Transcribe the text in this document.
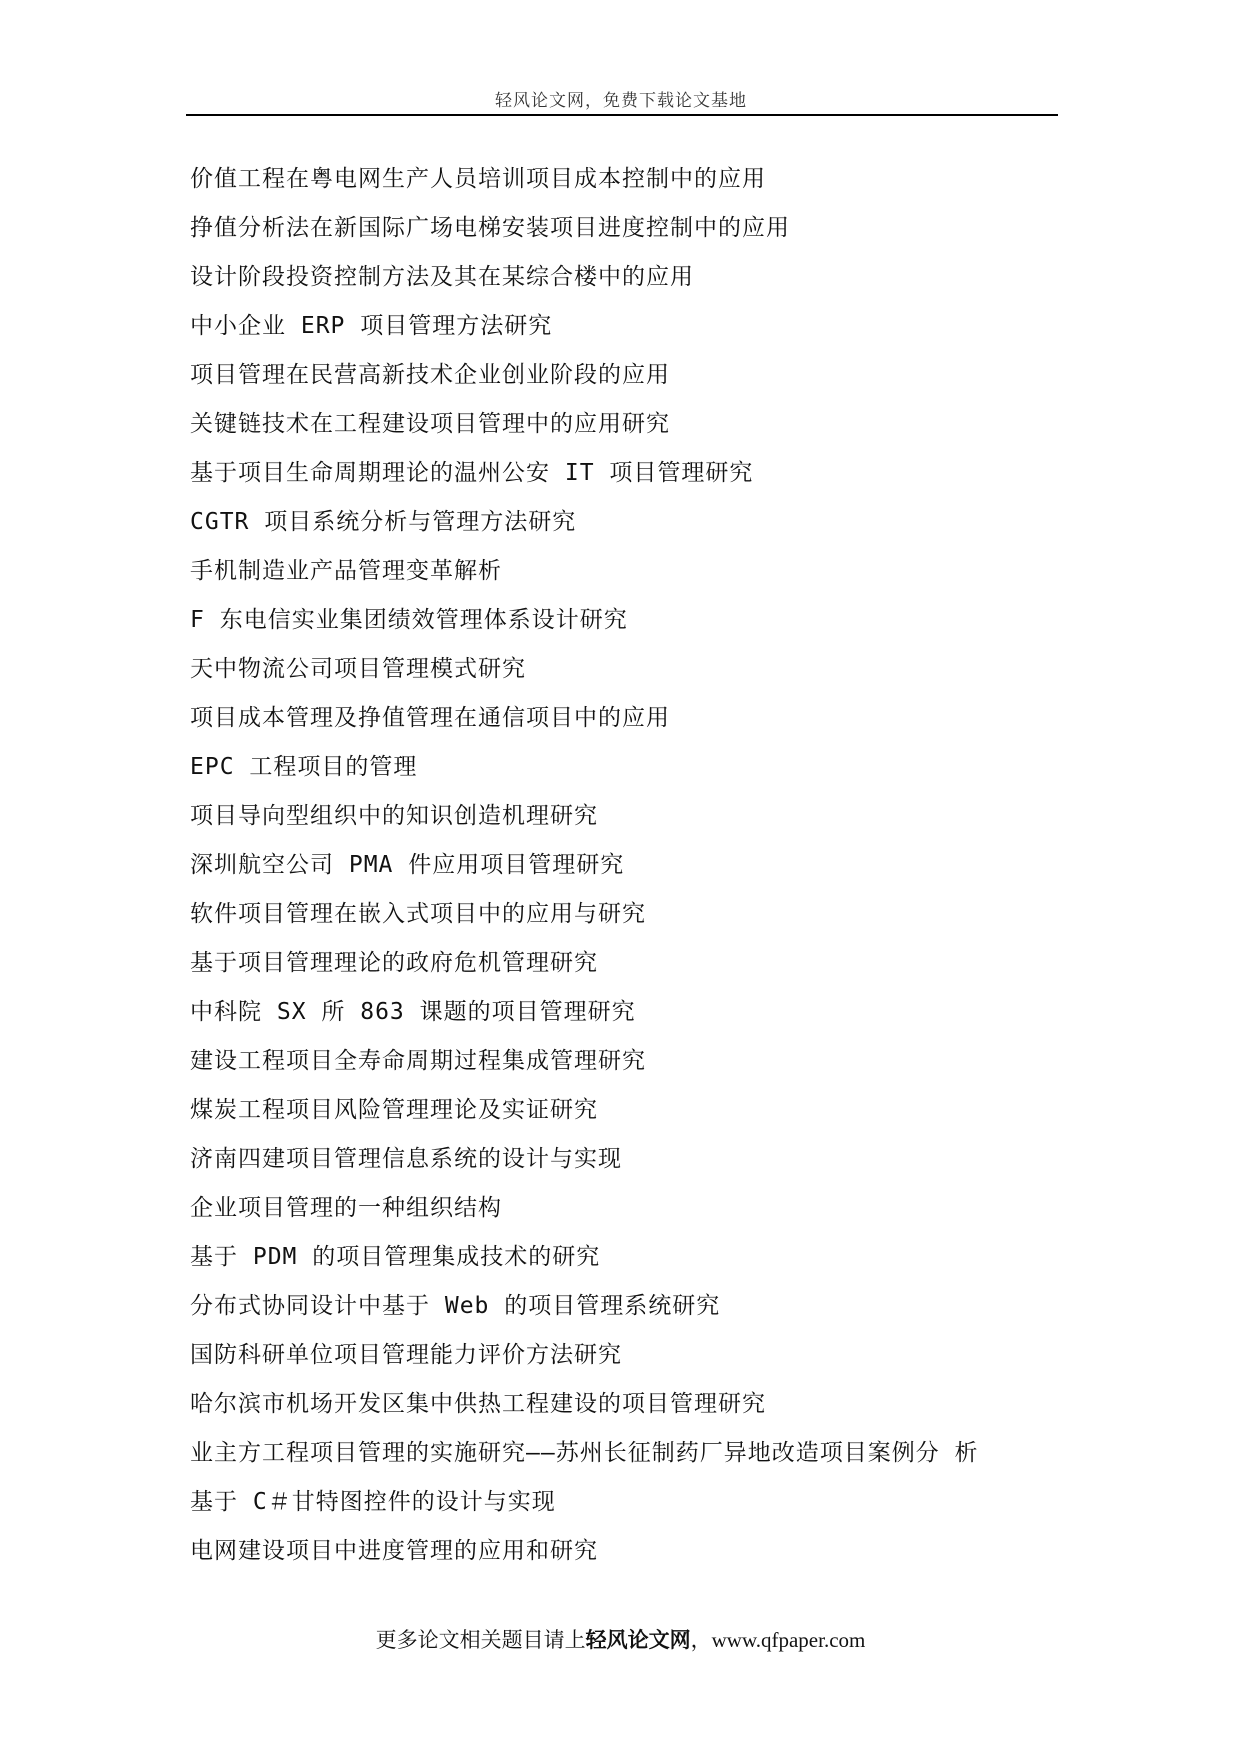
轻风论文网，免费下载论文基地
价值工程在粤电网生产人员培训项目成本控制中的应用
挣值分析法在新国际广场电梯安装项目进度控制中的应用
设计阶段投资控制方法及其在某综合楼中的应用
中小企业 ERP 项目管理方法研究
项目管理在民营高新技术企业创业阶段的应用
关键链技术在工程建设项目管理中的应用研究
基于项目生命周期理论的温州公安 IT 项目管理研究
CGTR 项目系统分析与管理方法研究
手机制造业产品管理变革解析
F 东电信实业集团绩效管理体系设计研究
天中物流公司项目管理模式研究
项目成本管理及挣值管理在通信项目中的应用
EPC 工程项目的管理
项目导向型组织中的知识创造机理研究
深圳航空公司 PMA 件应用项目管理研究
软件项目管理在嵌入式项目中的应用与研究
基于项目管理理论的政府危机管理研究
中科院 SX 所 863 课题的项目管理研究
建设工程项目全寿命周期过程集成管理研究
煤炭工程项目风险管理理论及实证研究
济南四建项目管理信息系统的设计与实现
企业项目管理的一种组织结构
基于 PDM 的项目管理集成技术的研究
分布式协同设计中基于 Web 的项目管理系统研究
国防科研单位项目管理能力评价方法研究
哈尔滨市机场开发区集中供热工程建设的项目管理研究
业主方工程项目管理的实施研究——苏州长征制药厂异地改造项目案例分 析
基于 C＃甘特图控件的设计与实现
电网建设项目中进度管理的应用和研究
更多论文相关题目请上轻风论文网，www.qfpaper.com
